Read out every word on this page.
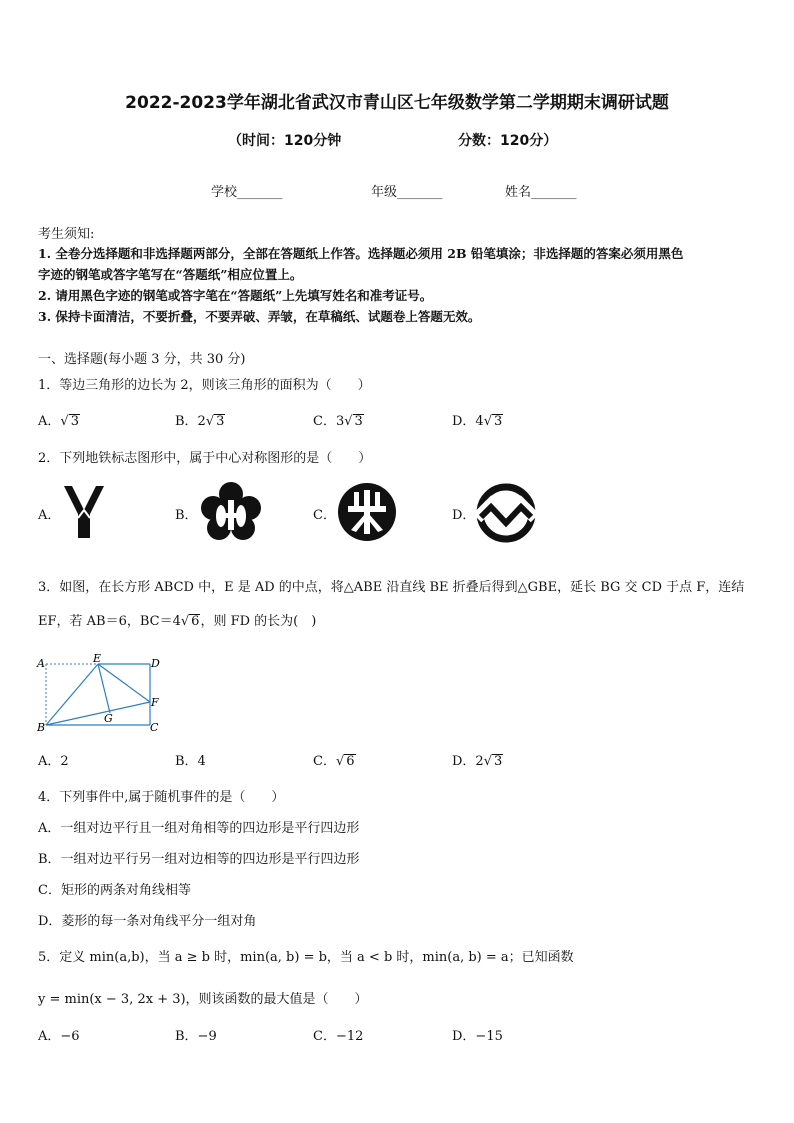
2022-2023学年湖北省武汉市青山区七年级数学第二学期期末调研试题
（时间：120分钟	分数：120分）
学校_______	年级_______	姓名_______
考生须知:
1. 全卷分选择题和非选择题两部分，全部在答题纸上作答。选择题必须用 2B 铅笔填涂；非选择题的答案必须用黑色
字迹的钢笔或答字笔写在“答题纸”相应位置上。
2. 请用黑色字迹的钢笔或答字笔在“答题纸”上先填写姓名和准考证号。
3. 保持卡面清洁，不要折叠，不要弄破、弄皱，在草稿纸、试题卷上答题无效。
一、选择题(每小题 3 分，共 30 分)
1．等边三角形的边长为 2，则该三角形的面积为（　　）
A．√ 3	B．2√ 3	C．3√ 3	D．4√ 3
2．下列地铁标志图形中，属于中心对称图形的是（　　）
A．	B．	C．	D．
3．如图，在长方形 ABCD 中，E 是 AD 的中点，将△ABE 沿直线 BE 折叠后得到△GBE，延长 BG 交 CD 于点 F，连结
EF，若 AB＝6，BC＝4√ 6，则 FD 的长为(　)
A	E	D
F
B
G
C
A．2	B．4	C．√ 6	D．2√ 3
4．下列事件中,属于随机事件的是（　　）
A．一组对边平行且一组对角相等的四边形是平行四边形
B．一组对边平行另一组对边相等的四边形是平行四边形
C．矩形的两条对角线相等
D．菱形的每一条对角线平分一组对角
5．定义 min(a,b)，当 a ≥ b 时，min(a, b) = b，当 a < b 时，min(a, b) = a；已知函数
y = min(x − 3, 2x + 3)，则该函数的最大值是（　　）
A．−6	B．−9	C．−12	D．−15
